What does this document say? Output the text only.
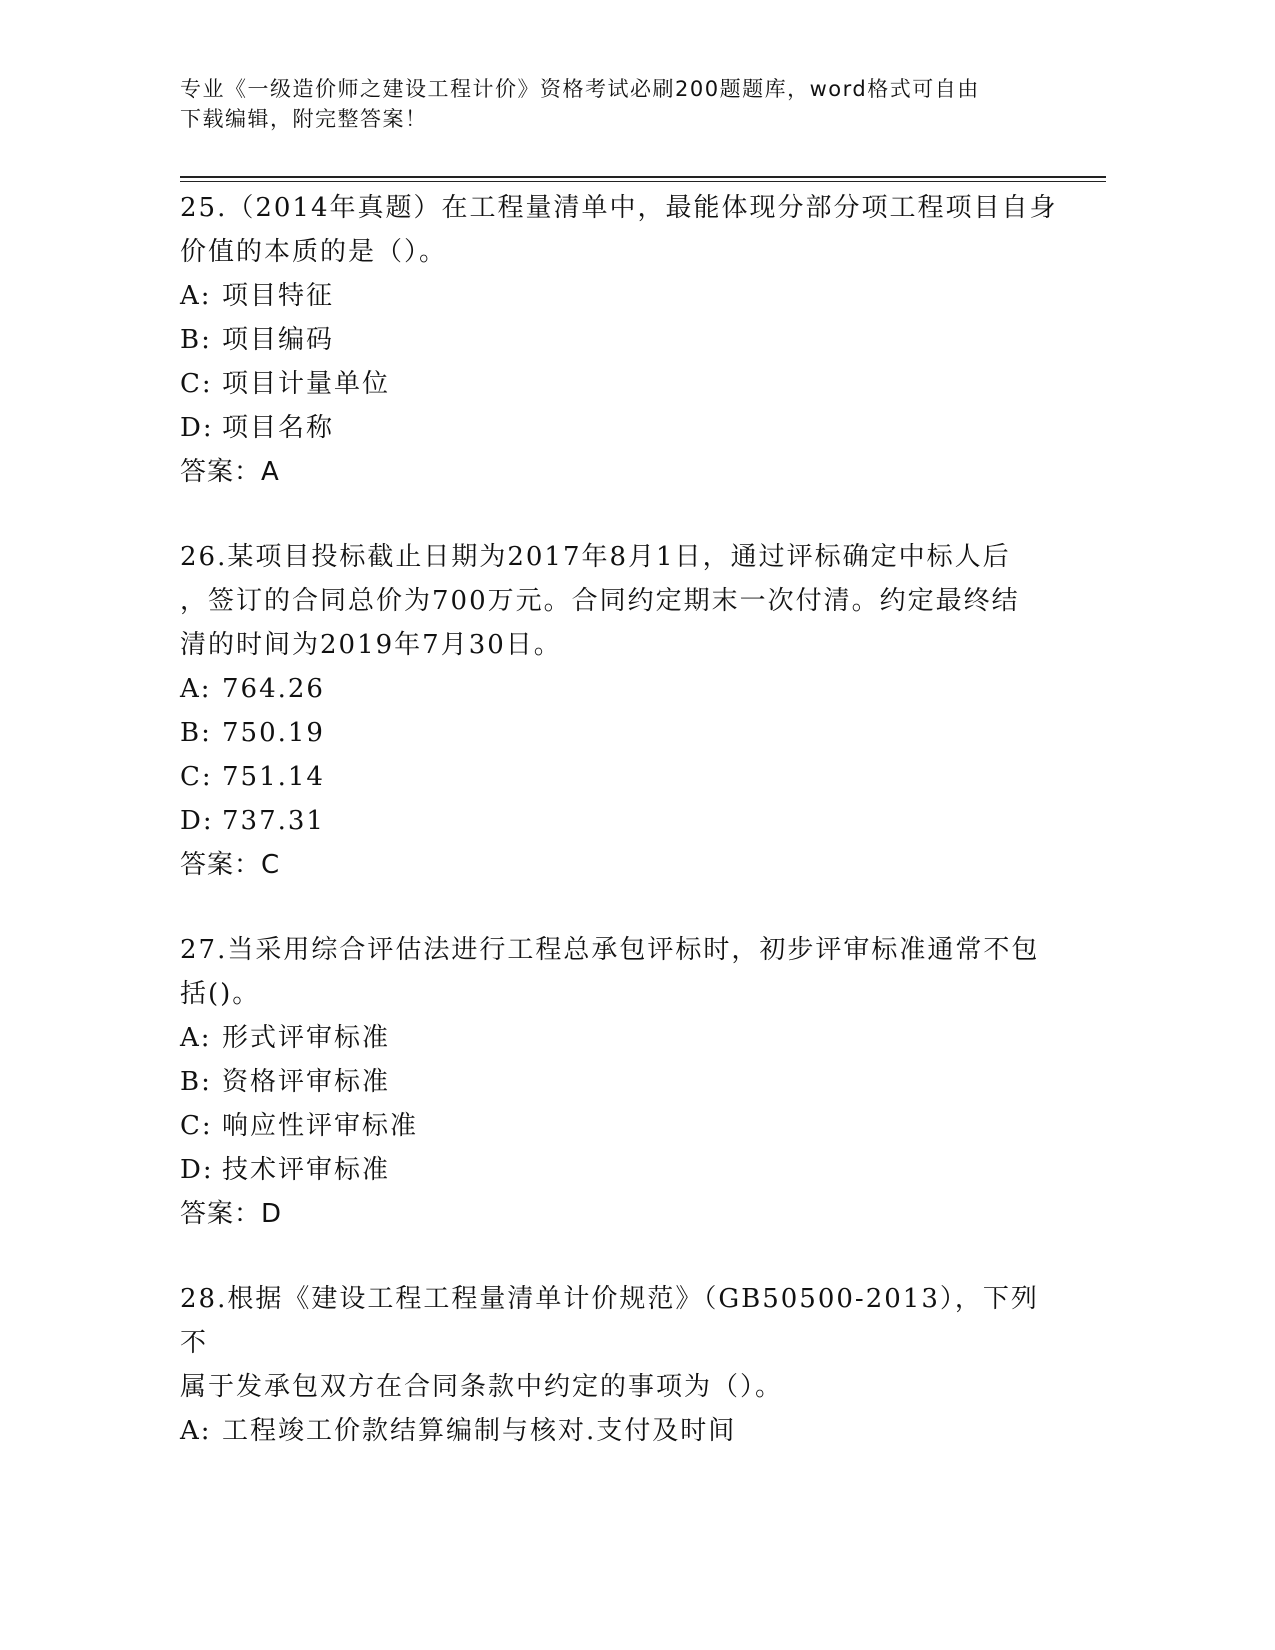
专业《一级造价师之建设工程计价》资格考试必刷200题题库，word格式可自由
下载编辑，附完整答案！
25.（2014年真题）在工程量清单中，最能体现分部分项工程项目自身
价值的本质的是（）。
A: 项目特征
B: 项目编码
C: 项目计量单位
D: 项目名称
答案：A
26.某项目投标截止日期为2017年8月1日，通过评标确定中标人后
，签订的合同总价为700万元。合同约定期末一次付清。约定最终结
清的时间为2019年7月30日。
A: 764.26
B: 750.19
C: 751.14
D: 737.31
答案：C
27.当采用综合评估法进行工程总承包评标时，初步评审标准通常不包
括()。
A: 形式评审标准
B: 资格评审标准
C: 响应性评审标准
D: 技术评审标准
答案：D
28.根据《建设工程工程量清单计价规范》（GB50500-2013），下列不
属于发承包双方在合同条款中约定的事项为（）。
A: 工程竣工价款结算编制与核对.支付及时间
